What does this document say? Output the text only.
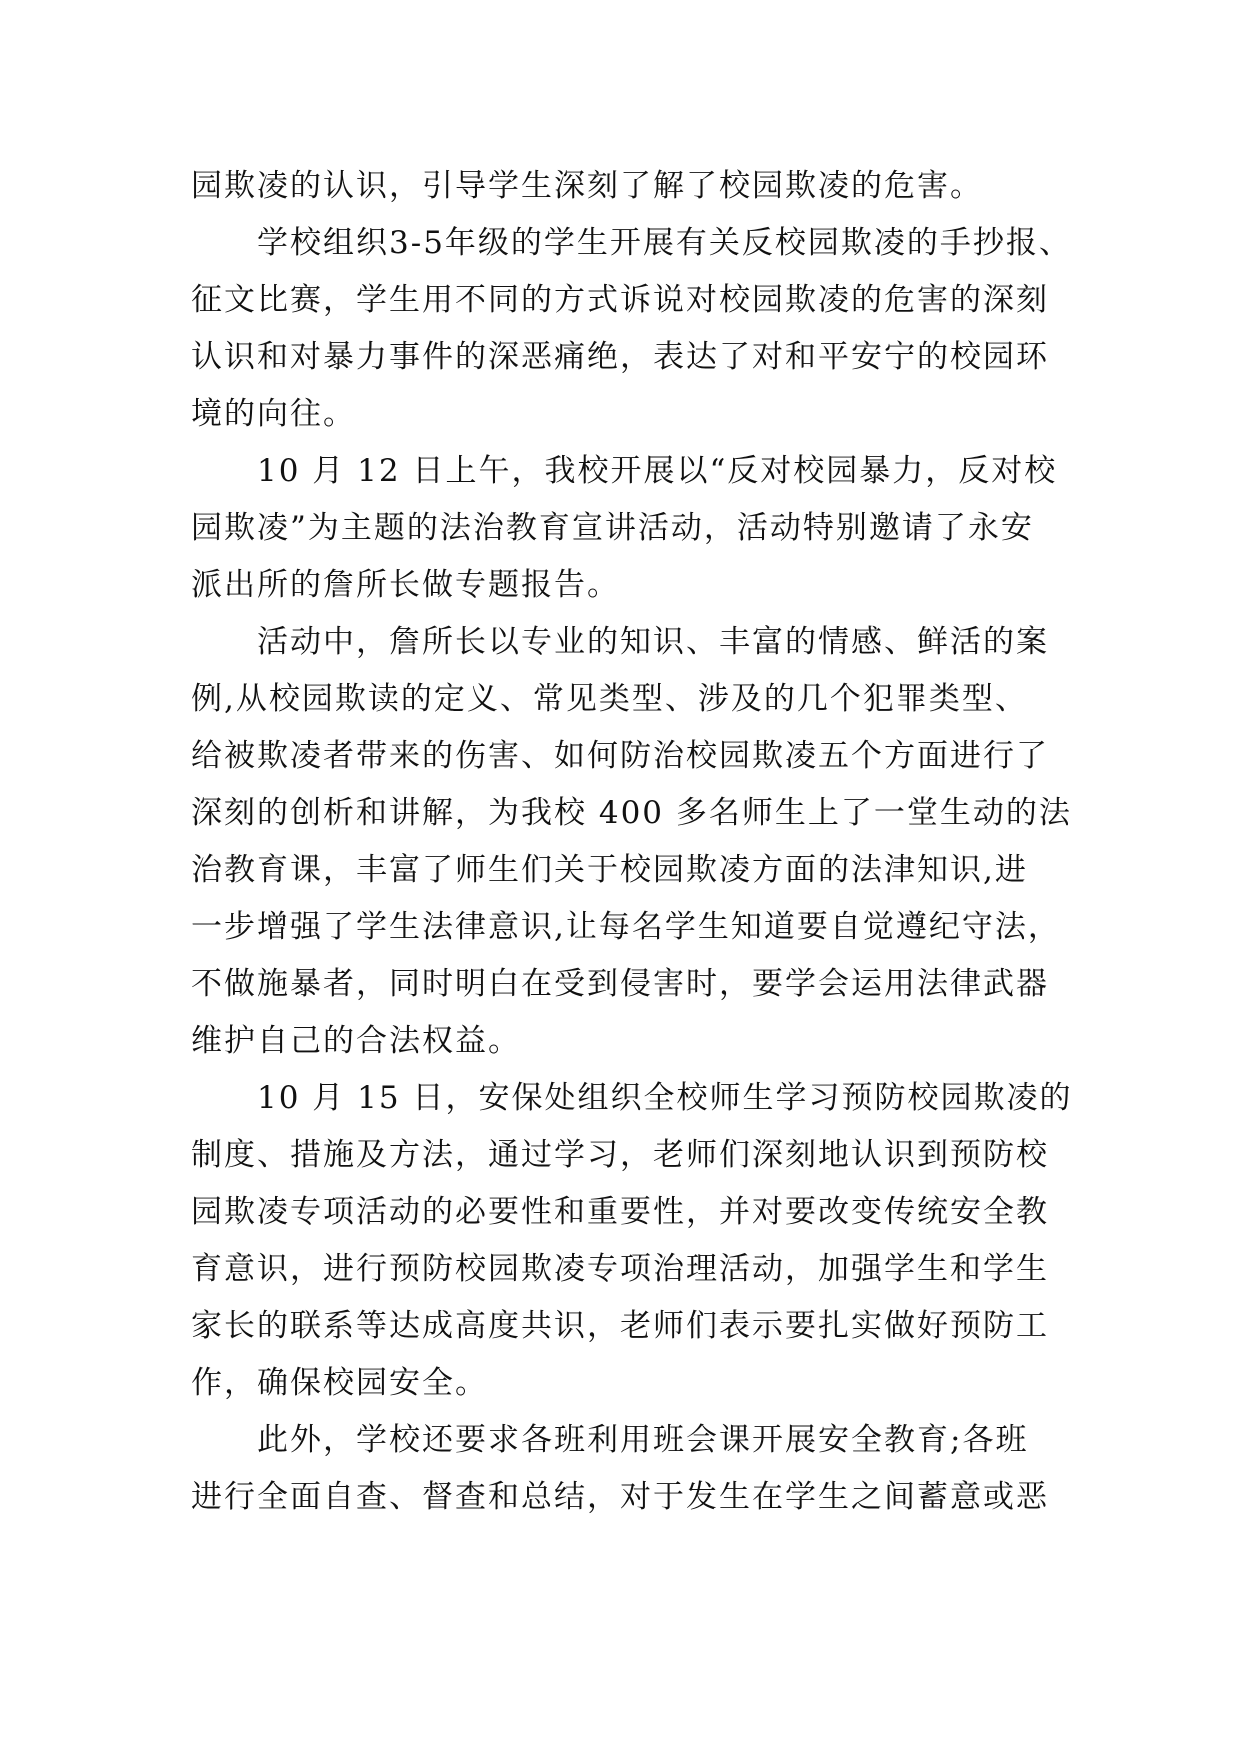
园欺凌的认识，引导学生深刻了解了校园欺凌的危害。
　　学校组织3-5年级的学生开展有关反校园欺凌的手抄报、
征文比赛，学生用不同的方式诉说对校园欺凌的危害的深刻
认识和对暴力事件的深恶痛绝，表达了对和平安宁的校园环
境的向往。
　　10 月 12 日上午，我校开展以“反对校园暴力，反对校
园欺凌”为主题的法治教育宣讲活动，活动特别邀请了永安
派出所的詹所长做专题报告。
　　活动中，詹所长以专业的知识、丰富的情感、鲜活的案
例,从校园欺读的定义、常见类型、涉及的几个犯罪类型、
给被欺凌者带来的伤害、如何防治校园欺凌五个方面进行了
深刻的创析和讲解，为我校 400 多名师生上了一堂生动的法
治教育课，丰富了师生们关于校园欺凌方面的法津知识,进
一步增强了学生法律意识,让每名学生知道要自觉遵纪守法，
不做施暴者，同时明白在受到侵害时，要学会运用法律武器
维护自己的合法权益。
　　10 月 15 日，安保处组织全校师生学习预防校园欺凌的
制度、措施及方法，通过学习，老师们深刻地认识到预防校
园欺凌专项活动的必要性和重要性，并对要改变传统安全教
育意识，进行预防校园欺凌专项治理活动，加强学生和学生
家长的联系等达成高度共识，老师们表示要扎实做好预防工
作，确保校园安全。
　　此外，学校还要求各班利用班会课开展安全教育;各班
进行全面自查、督查和总结，对于发生在学生之间蓄意或恶
